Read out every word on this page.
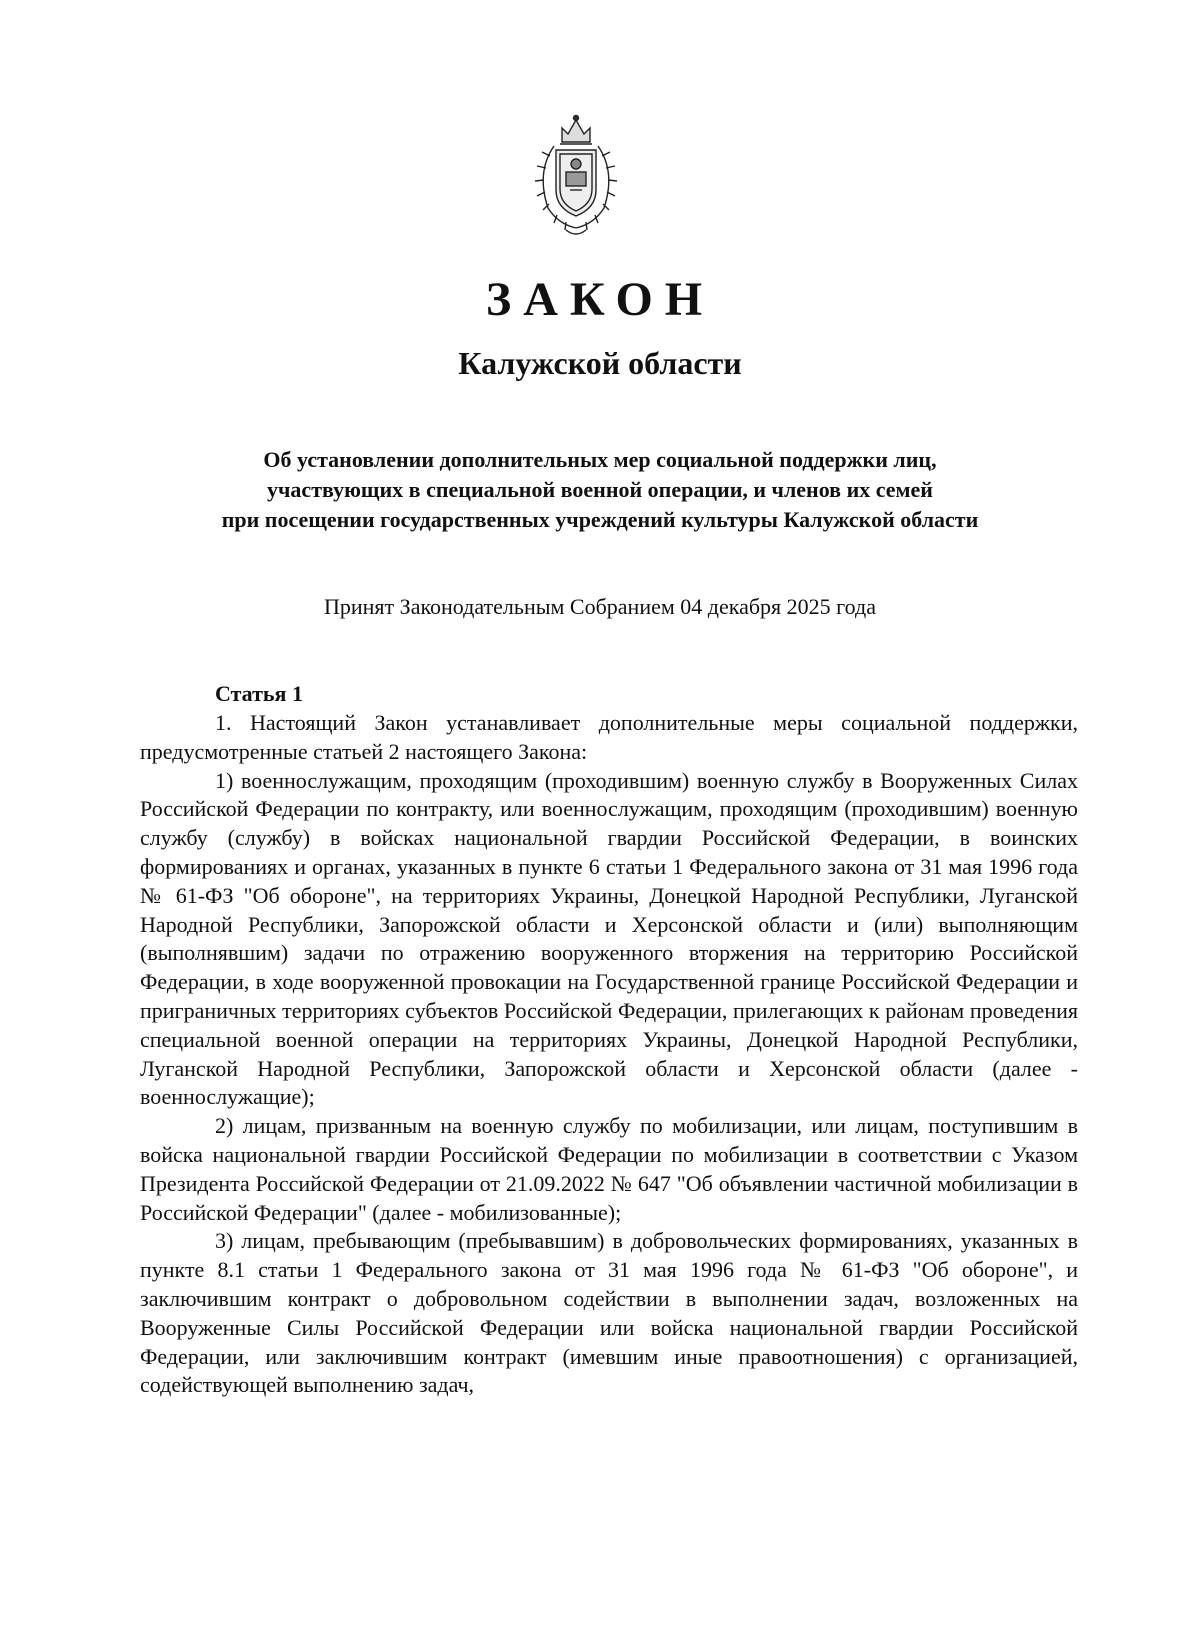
ЗАКОН
Калужской области
Об установлении дополнительных мер социальной поддержки лиц,
участвующих в специальной военной операции, и членов их семей
при посещении государственных учреждений культуры Калужской области
Принят Законодательным Собранием 04 декабря 2025 года
Статья 1

1. Настоящий Закон устанавливает дополнительные меры социальной поддержки, предусмотренные статьей 2 настоящего Закона:

1) военнослужащим, проходящим (проходившим) военную службу в Вооруженных Силах Российской Федерации по контракту, или военнослужащим, проходящим (проходившим) военную службу (службу) в войсках национальной гвардии Российской Федерации, в воинских формированиях и органах, указанных в пункте 6 статьи 1 Федерального закона от 31 мая 1996 года № 61-ФЗ "Об обороне", на территориях Украины, Донецкой Народной Республики, Луганской Народной Республики, Запорожской области и Херсонской области и (или) выполняющим (выполнявшим) задачи по отражению вооруженного вторжения на территорию Российской Федерации, в ходе вооруженной провокации на Государственной границе Российской Федерации и приграничных территориях субъектов Российской Федерации, прилегающих к районам проведения специальной военной операции на территориях Украины, Донецкой Народной Республики, Луганской Народной Республики, Запорожской области и Херсонской области (далее - военнослужащие);

2) лицам, призванным на военную службу по мобилизации, или лицам, поступившим в войска национальной гвардии Российской Федерации по мобилизации в соответствии с Указом Президента Российской Федерации от 21.09.2022 № 647 "Об объявлении частичной мобилизации в Российской Федерации" (далее - мобилизованные);

3) лицам, пребывающим (пребывавшим) в добровольческих формированиях, указанных в пункте 8.1 статьи 1 Федерального закона от 31 мая 1996 года № 61-ФЗ "Об обороне", и заключившим контракт о добровольном содействии в выполнении задач, возложенных на Вооруженные Силы Российской Федерации или войска национальной гвардии Российской Федерации, или заключившим контракт (имевшим иные правоотношения) с организацией, содействующей выполнению задач,
